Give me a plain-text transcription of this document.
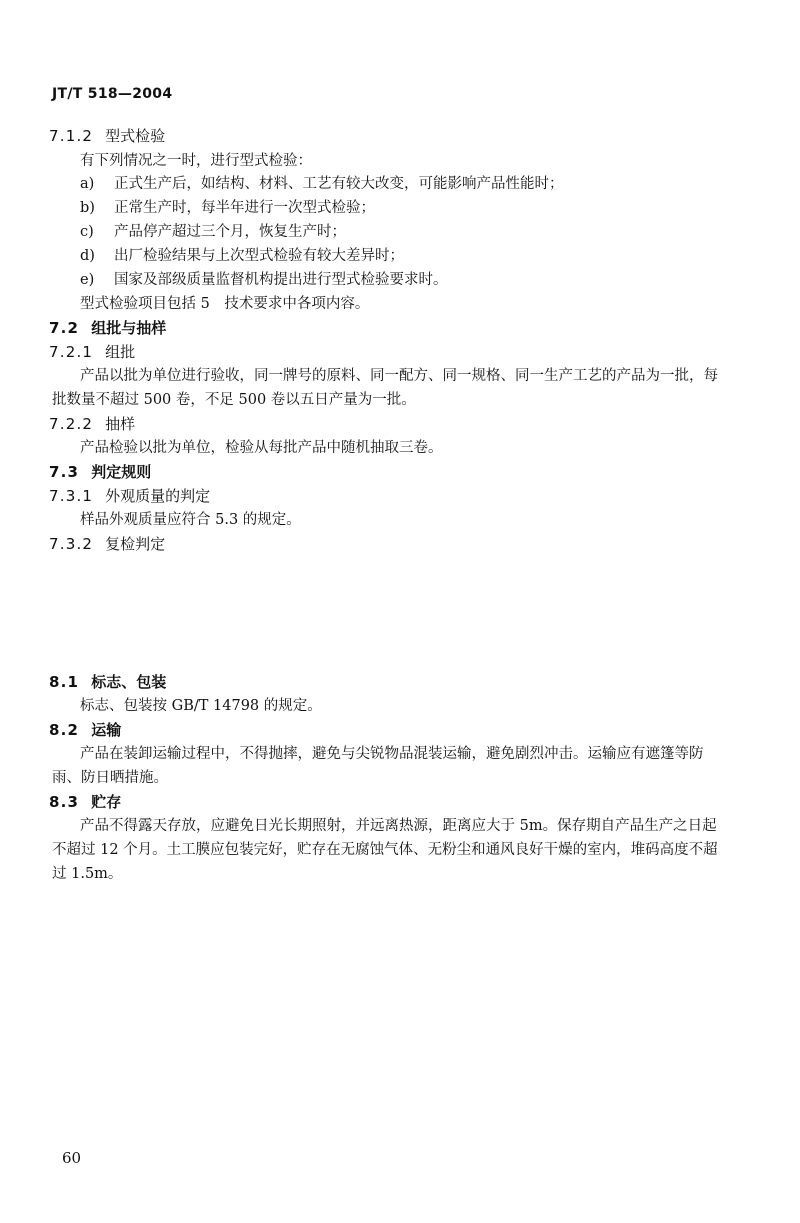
JT/T 518—2004
7.1.2 型式检验
有下列情况之一时，进行型式检验：
a) 正式生产后，如结构、材料、工艺有较大改变，可能影响产品性能时；
b) 正常生产时，每半年进行一次型式检验；
c) 产品停产超过三个月，恢复生产时；
d) 出厂检验结果与上次型式检验有较大差异时；
e) 国家及部级质量监督机构提出进行型式检验要求时。
型式检验项目包括 5　技术要求中各项内容。
7.2 组批与抽样
7.2.1 组批
产品以批为单位进行验收，同一牌号的原料、同一配方、同一规格、同一生产工艺的产品为一批，每
批数量不超过 500 卷，不足 500 卷以五日产量为一批。
7.2.2 抽样
产品检验以批为单位，检验从每批产品中随机抽取三卷。
7.3 判定规则
7.3.1 外观质量的判定
样品外观质量应符合 5.3 的规定。
7.3.2 复检判定
8.1 标志、包装
标志、包装按 GB/T 14798 的规定。
8.2 运输
产品在装卸运输过程中，不得抛摔，避免与尖锐物品混装运输，避免剧烈冲击。运输应有遮篷等防
雨、防日晒措施。
8.3 贮存
产品不得露天存放，应避免日光长期照射，并远离热源，距离应大于 5m。保存期自产品生产之日起
不超过 12 个月。土工膜应包装完好，贮存在无腐蚀气体、无粉尘和通风良好干燥的室内，堆码高度不超
过 1.5m。
60
